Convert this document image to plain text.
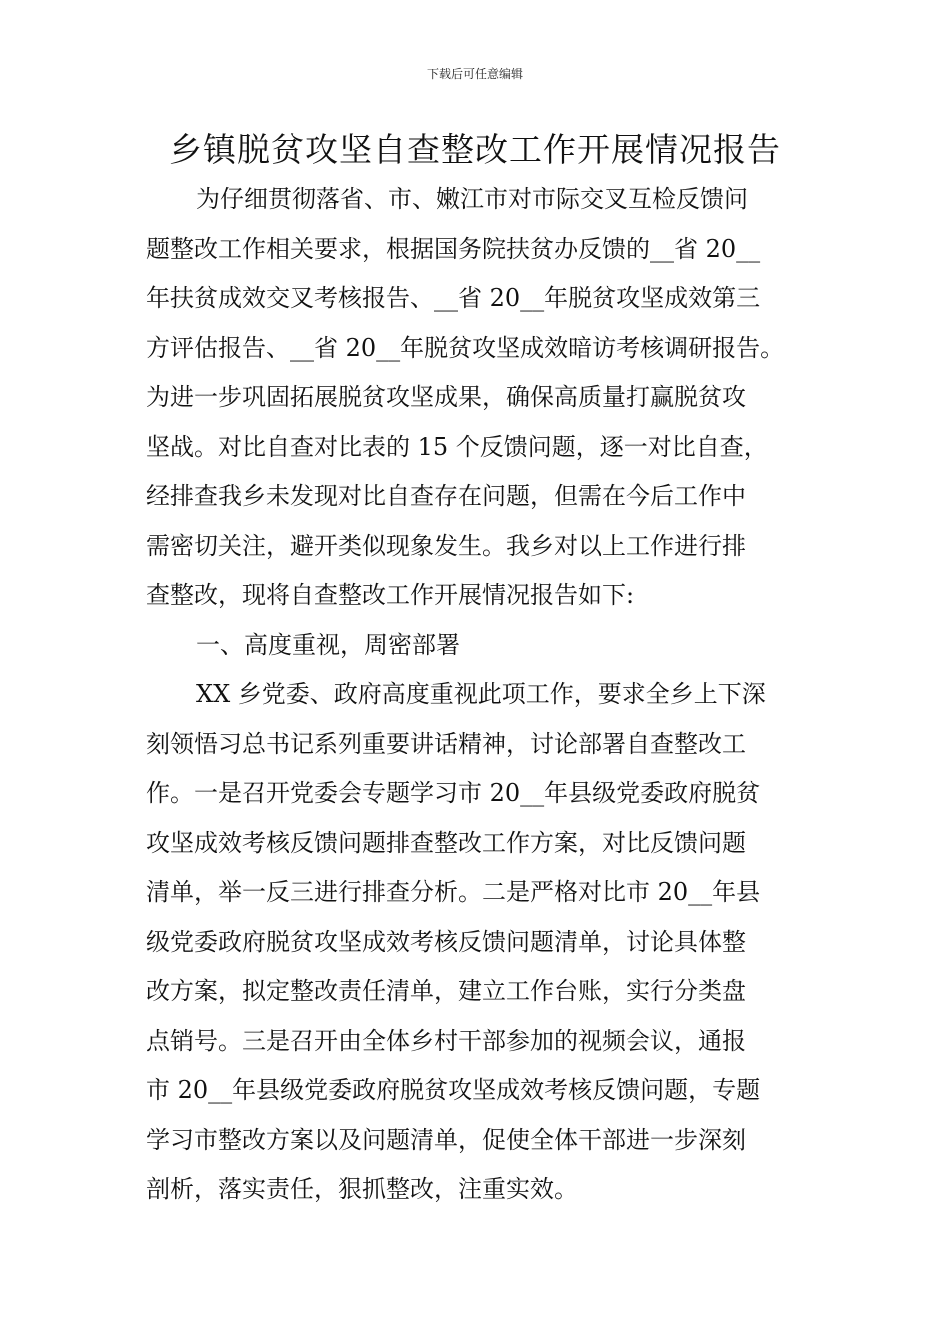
下载后可任意编辑
乡镇脱贫攻坚自查整改工作开展情况报告
为仔细贯彻落省、市、嫩江市对市际交叉互检反馈问
题整改工作相关要求，根据国务院扶贫办反馈的__省 20__
年扶贫成效交叉考核报告、__省 20__年脱贫攻坚成效第三
方评估报告、__省 20__年脱贫攻坚成效暗访考核调研报告。
为进一步巩固拓展脱贫攻坚成果，确保高质量打赢脱贫攻
坚战。对比自查对比表的 15 个反馈问题，逐一对比自查，
经排查我乡未发现对比自查存在问题，但需在今后工作中
需密切关注，避开类似现象发生。我乡对以上工作进行排
查整改，现将自查整改工作开展情况报告如下:
一、高度重视，周密部署
XX 乡党委、政府高度重视此项工作，要求全乡上下深
刻领悟习总书记系列重要讲话精神，讨论部署自查整改工
作。一是召开党委会专题学习市 20__年县级党委政府脱贫
攻坚成效考核反馈问题排查整改工作方案，对比反馈问题
清单，举一反三进行排查分析。二是严格对比市 20__年县
级党委政府脱贫攻坚成效考核反馈问题清单，讨论具体整
改方案，拟定整改责任清单，建立工作台账，实行分类盘
点销号。三是召开由全体乡村干部参加的视频会议，通报
市 20__年县级党委政府脱贫攻坚成效考核反馈问题，专题
学习市整改方案以及问题清单，促使全体干部进一步深刻
剖析，落实责任，狠抓整改，注重实效。
